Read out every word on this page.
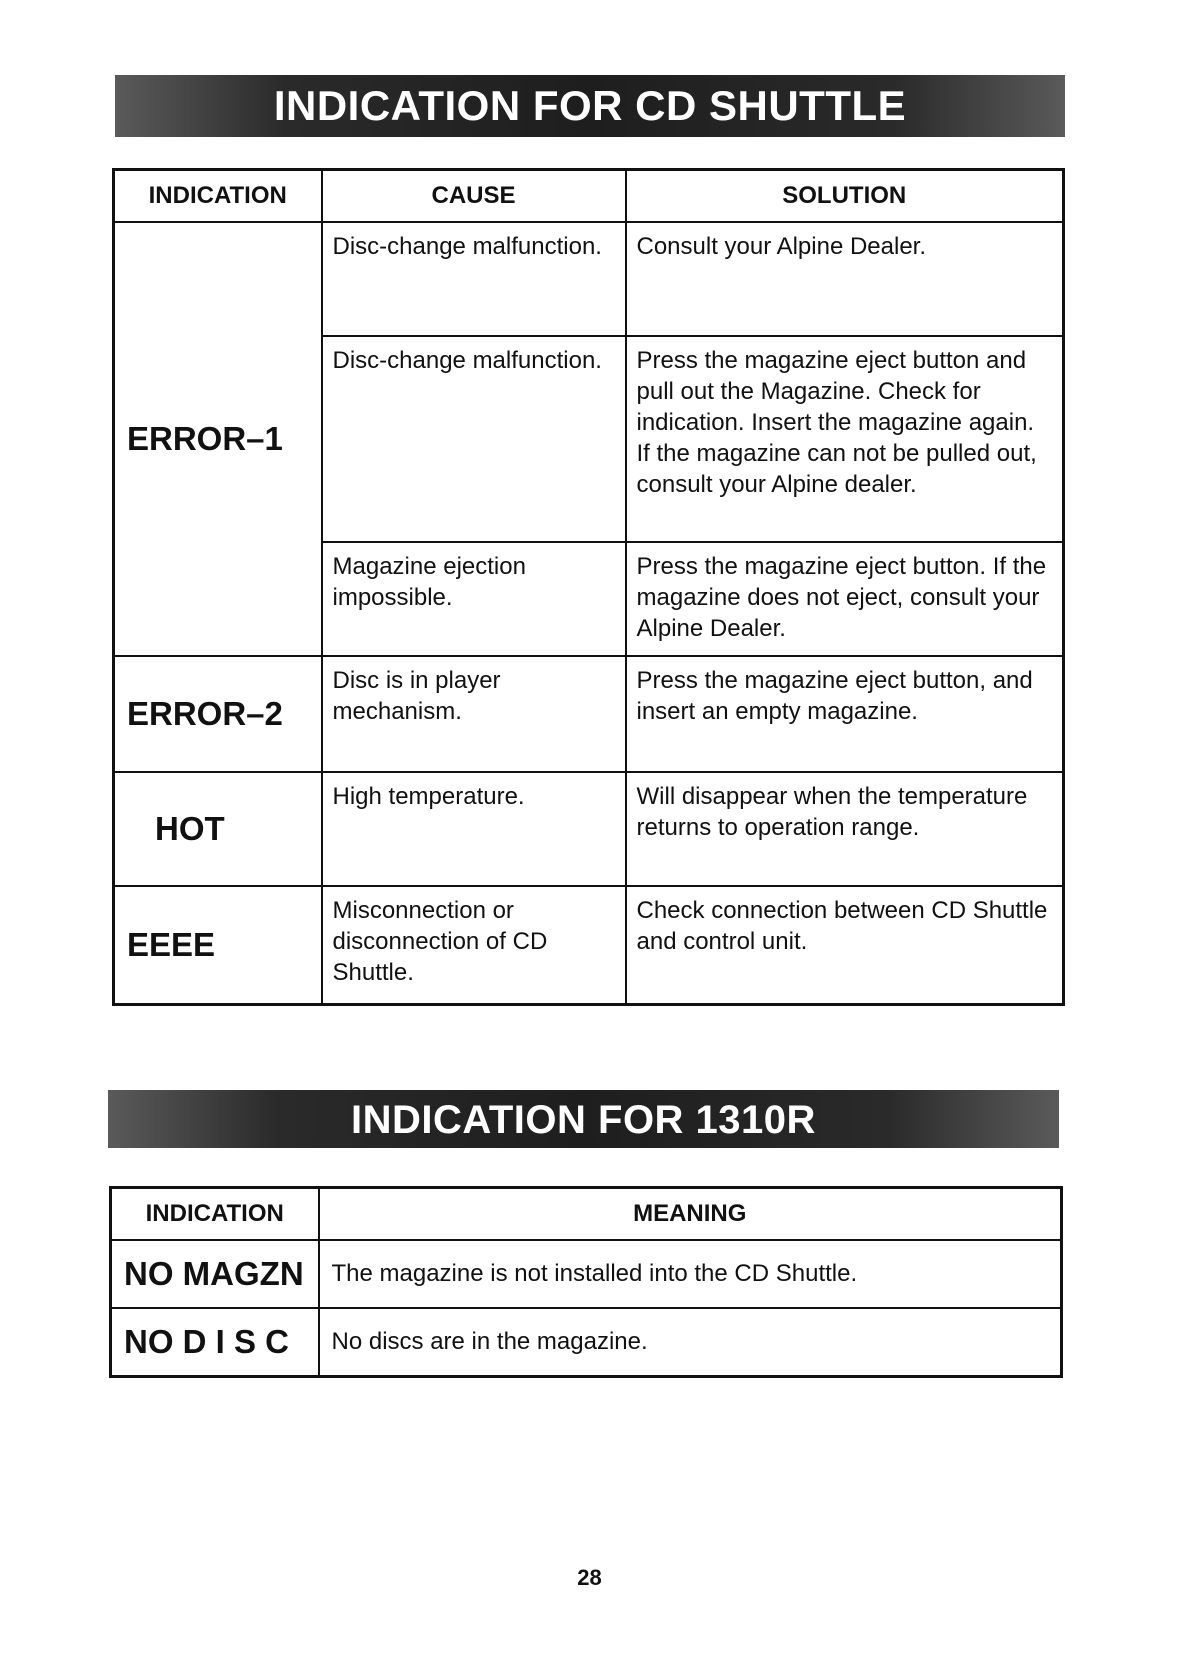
INDICATION FOR CD SHUTTLE
INDICATION	CAUSE	SOLUTION
ERROR–1	Disc-change malfunction.	Consult your Alpine Dealer.
	Disc-change malfunction.	Press the magazine eject button and pull out the Magazine. Check for indication. Insert the magazine again. If the magazine can not be pulled out, consult your Alpine dealer.
	Magazine ejection impossible.	Press the magazine eject button. If the magazine does not eject, consult your Alpine Dealer.
ERROR–2	Disc is in player mechanism.	Press the magazine eject button, and insert an empty magazine.
HOT	High temperature.	Will disappear when the temperature returns to operation range.
EEEE	Misconnection or disconnection of CD Shuttle.	Check connection between CD Shuttle and control unit.
INDICATION FOR 1310R
INDICATION	MEANING
NO MAGZN	The magazine is not installed into the CD Shuttle.
NO D I S C	No discs are in the magazine.
28
